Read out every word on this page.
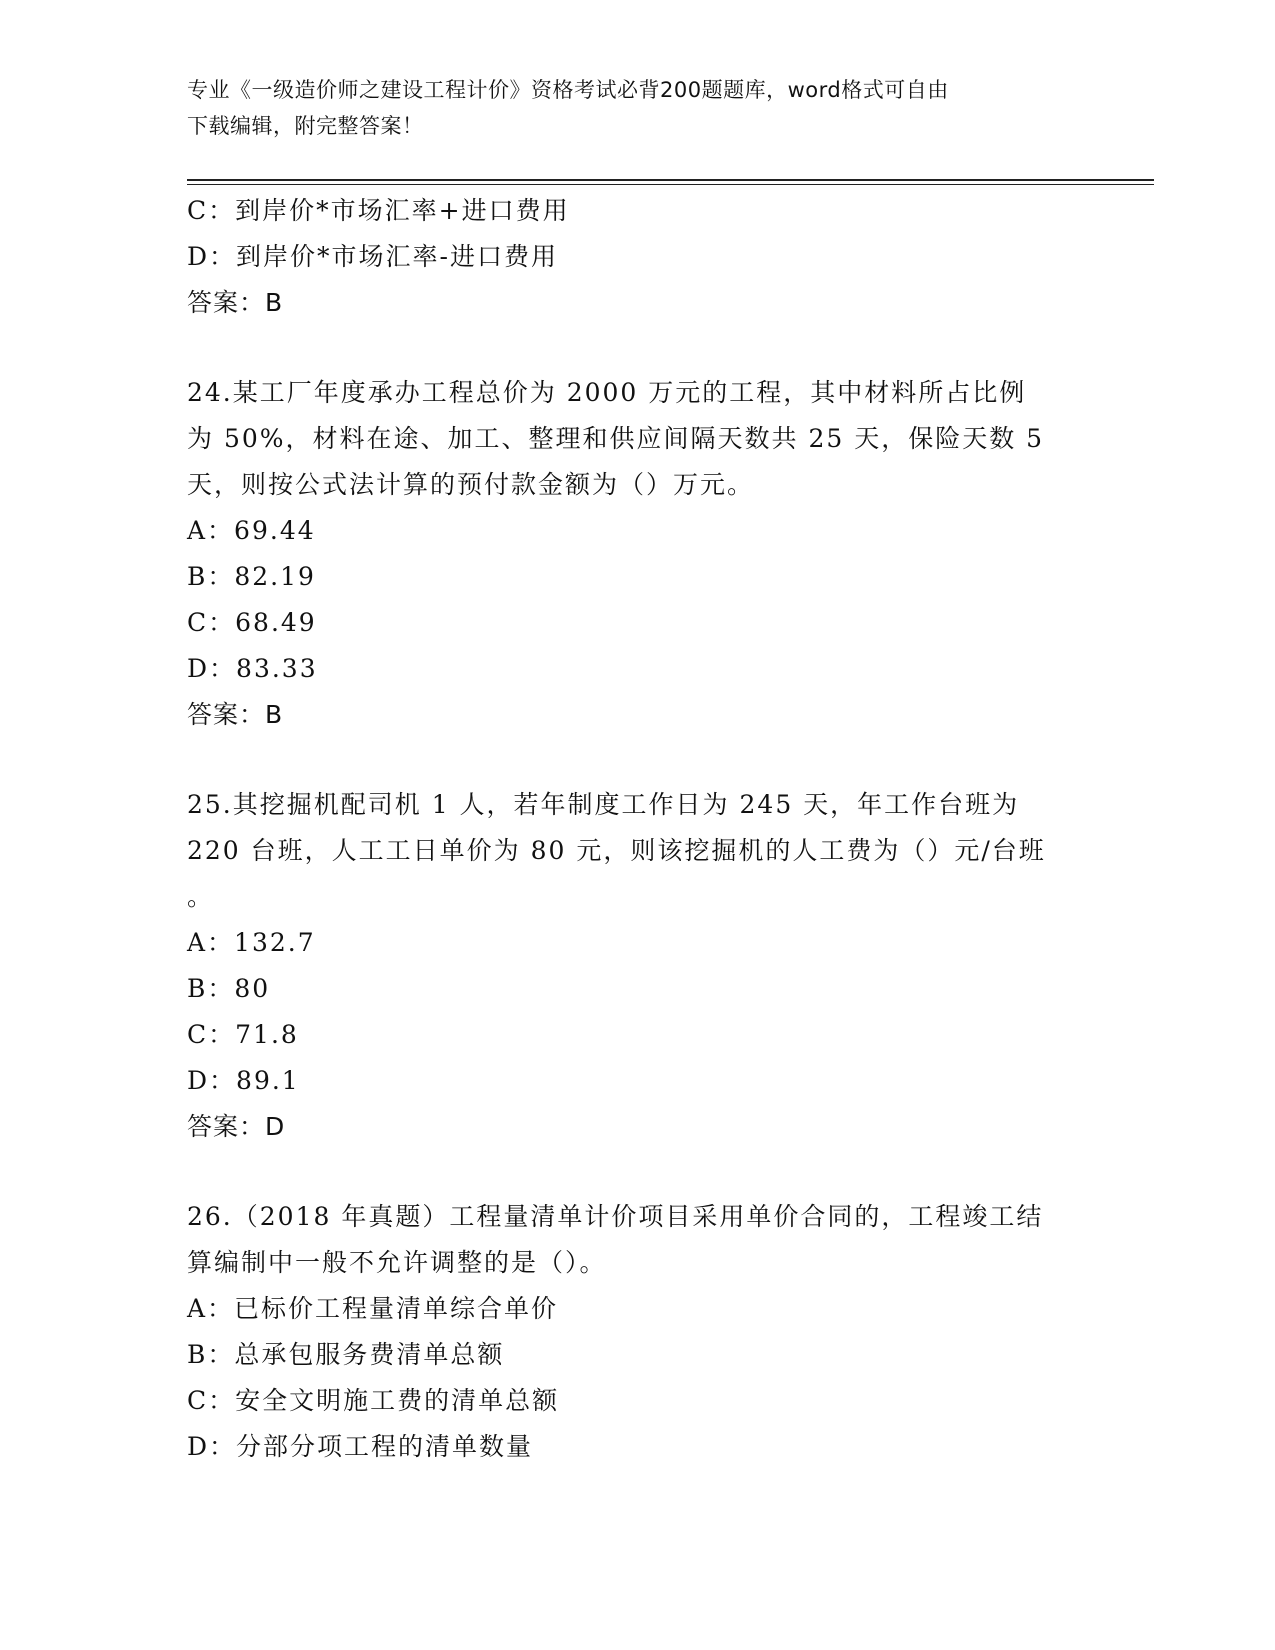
专业《一级造价师之建设工程计价》资格考试必背200题题库，word格式可自由
下载编辑，附完整答案！
C：到岸价*市场汇率+进口费用
D：到岸价*市场汇率-进口费用
答案：B
24.某工厂年度承办工程总价为 2000 万元的工程，其中材料所占比例
为 50%，材料在途、加工、整理和供应间隔天数共 25 天，保险天数 5
天，则按公式法计算的预付款金额为（）万元。
A：69.44
B：82.19
C：68.49
D：83.33
答案：B
25.其挖掘机配司机 1 人，若年制度工作日为 245 天，年工作台班为
220 台班，人工工日单价为 80 元，则该挖掘机的人工费为（）元/台班
。
A：132.7
B：80
C：71.8
D：89.1
答案：D
26.（2018 年真题）工程量清单计价项目采用单价合同的，工程竣工结
算编制中一般不允许调整的是（）。
A：已标价工程量清单综合单价
B：总承包服务费清单总额
C：安全文明施工费的清单总额
D：分部分项工程的清单数量
